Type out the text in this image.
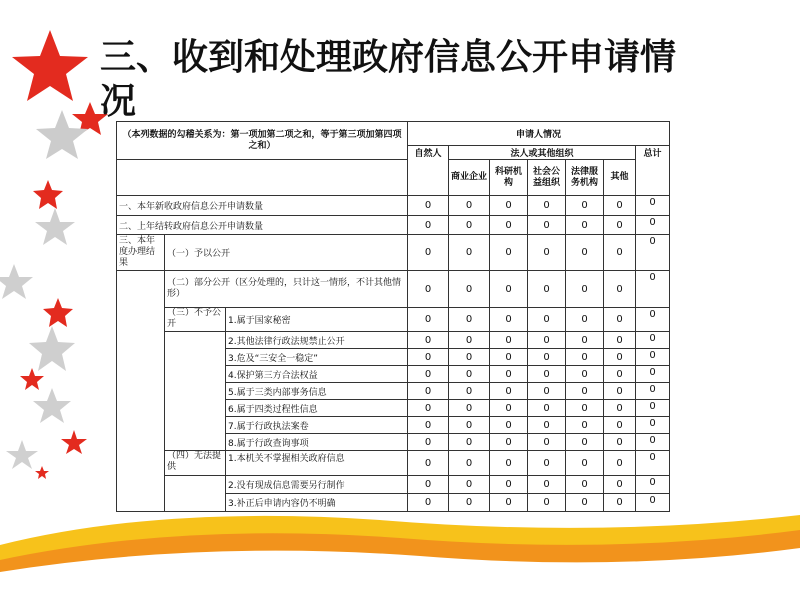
三、收到和处理政府信息公开申请情况
（本列数据的勾稽关系为：第一项加第二项之和，等于第三项加第四项之和）			申请人情况						
			自然人	法人或其他组织					总计
				商业企业	科研机构	社会公益组织	法律服务机构	其他	
一、本年新收政府信息公开申请数量			0	0	0	0	0	0	0
二、上年结转政府信息公开申请数量			0	0	0	0	0	0	0
三、本年度办理结果	（一）予以公开		0	0	0	0	0	0	0
	（二）部分公开（区分处理的，只计这一情形，不计其他情形）		0	0	0	0	0	0	0
	（三）不予公开	1.属于国家秘密	0	0	0	0	0	0	0
		2.其他法律行政法规禁止公开	0	0	0	0	0	0	0
		3.危及“三安全一稳定”	0	0	0	0	0	0	0
		4.保护第三方合法权益	0	0	0	0	0	0	0
		5.属于三类内部事务信息	0	0	0	0	0	0	0
		6.属于四类过程性信息	0	0	0	0	0	0	0
		7.属于行政执法案卷	0	0	0	0	0	0	0
		8.属于行政查询事项	0	0	0	0	0	0	0
	（四）无法提供	1.本机关不掌握相关政府信息	0	0	0	0	0	0	0
		2.没有现成信息需要另行制作	0	0	0	0	0	0	0
		3.补正后申请内容仍不明确	0	0	0	0	0	0	0
